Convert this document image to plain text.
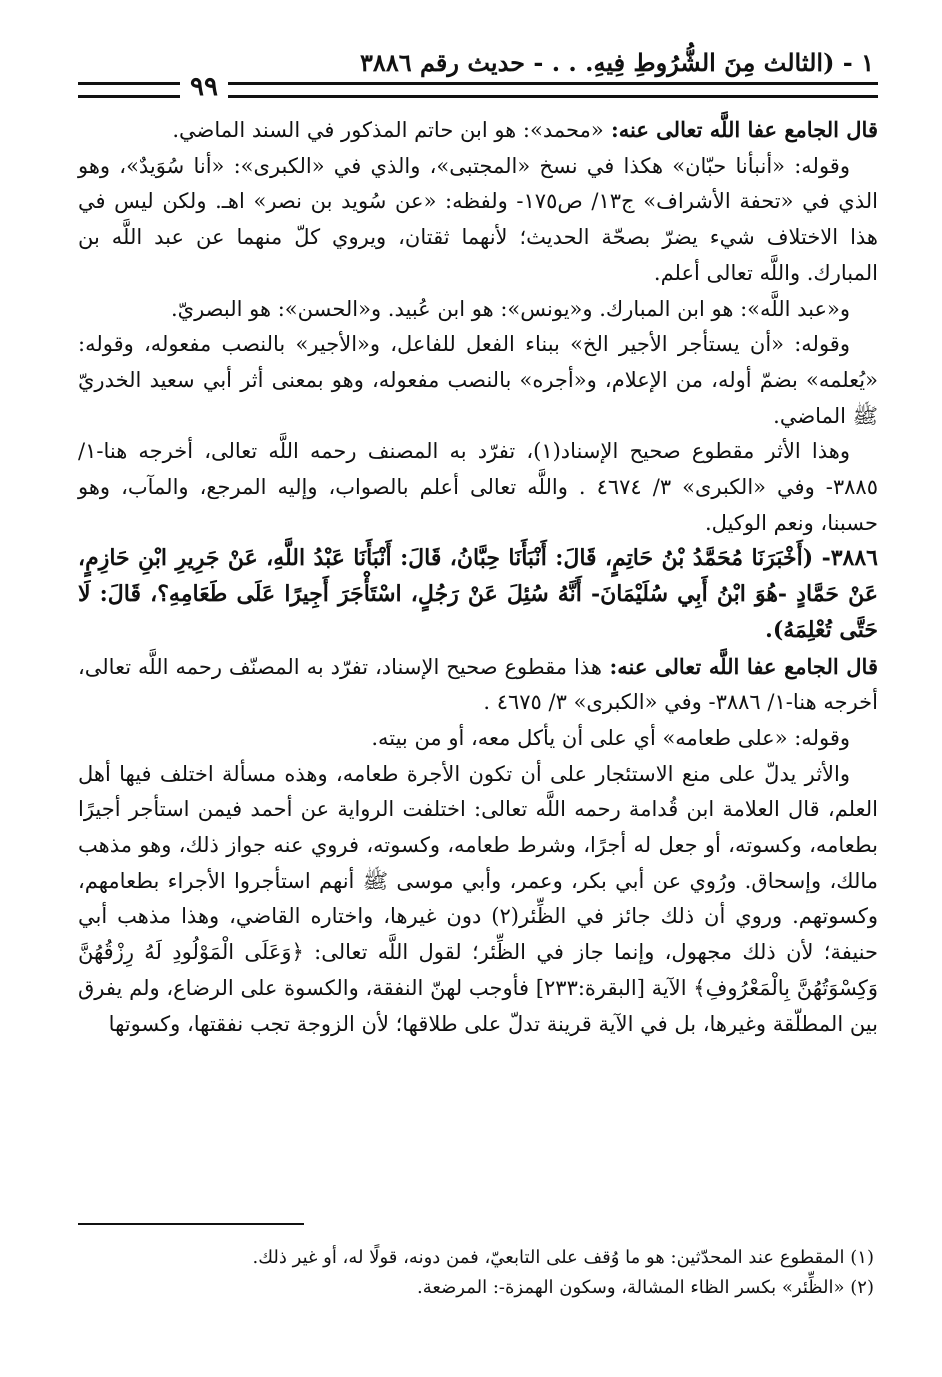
١ - (الثالث مِنَ الشُّرُوطِ فِيهِ. . . - حديث رقم ٣٨٨٦
٩٩

قال الجامع عفا اللَّه تعالى عنه: «محمد»: هو ابن حاتم المذكور في السند الماضي.

وقوله: «أنبأنا حبّان» هكذا في نسخ «المجتبى»، والذي في «الكبرى»: «أنا سُوَيدٌ»، وهو الذي في «تحفة الأشراف» ج١٣/ ص١٧٥- ولفظه: «عن سُويد بن نصر» اهـ. ولكن ليس في هذا الاختلاف شيء يضرّ بصحّة الحديث؛ لأنهما ثقتان، ويروي كلّ منهما عن عبد اللَّه بن المبارك. واللَّه تعالى أعلم.

و«عبد اللَّه»: هو ابن المبارك. و«يونس»: هو ابن عُبيد. و«الحسن»: هو البصريّ.

وقوله: «أن يستأجر الأجير الخ» ببناء الفعل للفاعل، و«الأجير» بالنصب مفعوله، وقوله: «يُعلمه» بضمّ أوله، من الإعلام، و«أجره» بالنصب مفعوله، وهو بمعنى أثر أبي سعيد الخدريّ ﷺ الماضي.

وهذا الأثر مقطوع صحيح الإسناد(١)، تفرّد به المصنف رحمه اللَّه تعالى، أخرجه هنا-١/ ٣٨٨٥- وفي «الكبرى» ٣/ ٤٦٧٤ . واللَّه تعالى أعلم بالصواب، وإليه المرجع، والمآب، وهو حسبنا، ونعم الوكيل.

٣٨٨٦- (أَخْبَرَنَا مُحَمَّدُ بْنُ حَاتِمٍ، قَالَ: أَنْبَأَنَا حِبَّانُ، قَالَ: أَنْبَأَنَا عَبْدُ اللَّهِ، عَنْ جَرِيرِ ابْنِ حَازِمٍ، عَنْ حَمَّادٍ -هُوَ ابْنُ أَبِي سُلَيْمَانَ- أَنَّهُ سُئِلَ عَنْ رَجُلٍ، اسْتَأْجَرَ أَجِيرًا عَلَى طَعَامِهِ؟، قَالَ: لَا حَتَّى تُعْلِمَهُ).

قال الجامع عفا اللَّه تعالى عنه: هذا مقطوع صحيح الإسناد، تفرّد به المصنّف رحمه اللَّه تعالى، أخرجه هنا-١/ ٣٨٨٦- وفي «الكبرى» ٣/ ٤٦٧٥ .

وقوله: «على طعامه» أي على أن يأكل معه، أو من بيته.

والأثر يدلّ على منع الاستئجار على أن تكون الأجرة طعامه، وهذه مسألة اختلف فيها أهل العلم، قال العلامة ابن قُدامة رحمه اللَّه تعالى: اختلفت الرواية عن أحمد فيمن استأجر أجيرًا بطعامه، وكسوته، أو جعل له أجرًا، وشرط طعامه، وكسوته، فروي عنه جواز ذلك، وهو مذهب مالك، وإسحاق. ورُوي عن أبي بكر، وعمر، وأبي موسى ﷺ أنهم استأجروا الأجراء بطعامهم، وكسوتهم. وروي أن ذلك جائز في الظِّئر(٢) دون غيرها، واختاره القاضي، وهذا مذهب أبي حنيفة؛ لأن ذلك مجهول، وإنما جاز في الظِّئر؛ لقول اللَّه تعالى: ﴿وَعَلَى الْمَوْلُودِ لَهُ رِزْقُهُنَّ وَكِسْوَتُهُنَّ بِالْمَعْرُوفِ﴾ الآية [البقرة:٢٣٣] فأوجب لهنّ النفقة، والكسوة على الرضاع، ولم يفرق بين المطلّقة وغيرها، بل في الآية قرينة تدلّ على طلاقها؛ لأن الزوجة تجب نفقتها، وكسوتها

(١) المقطوع عند المحدّثين: هو ما وُقف على التابعيّ، فمن دونه، قولًا له، أو غير ذلك.

(٢) «الظِّئر» بكسر الظاء المشالة، وسكون الهمزة-: المرضعة.
